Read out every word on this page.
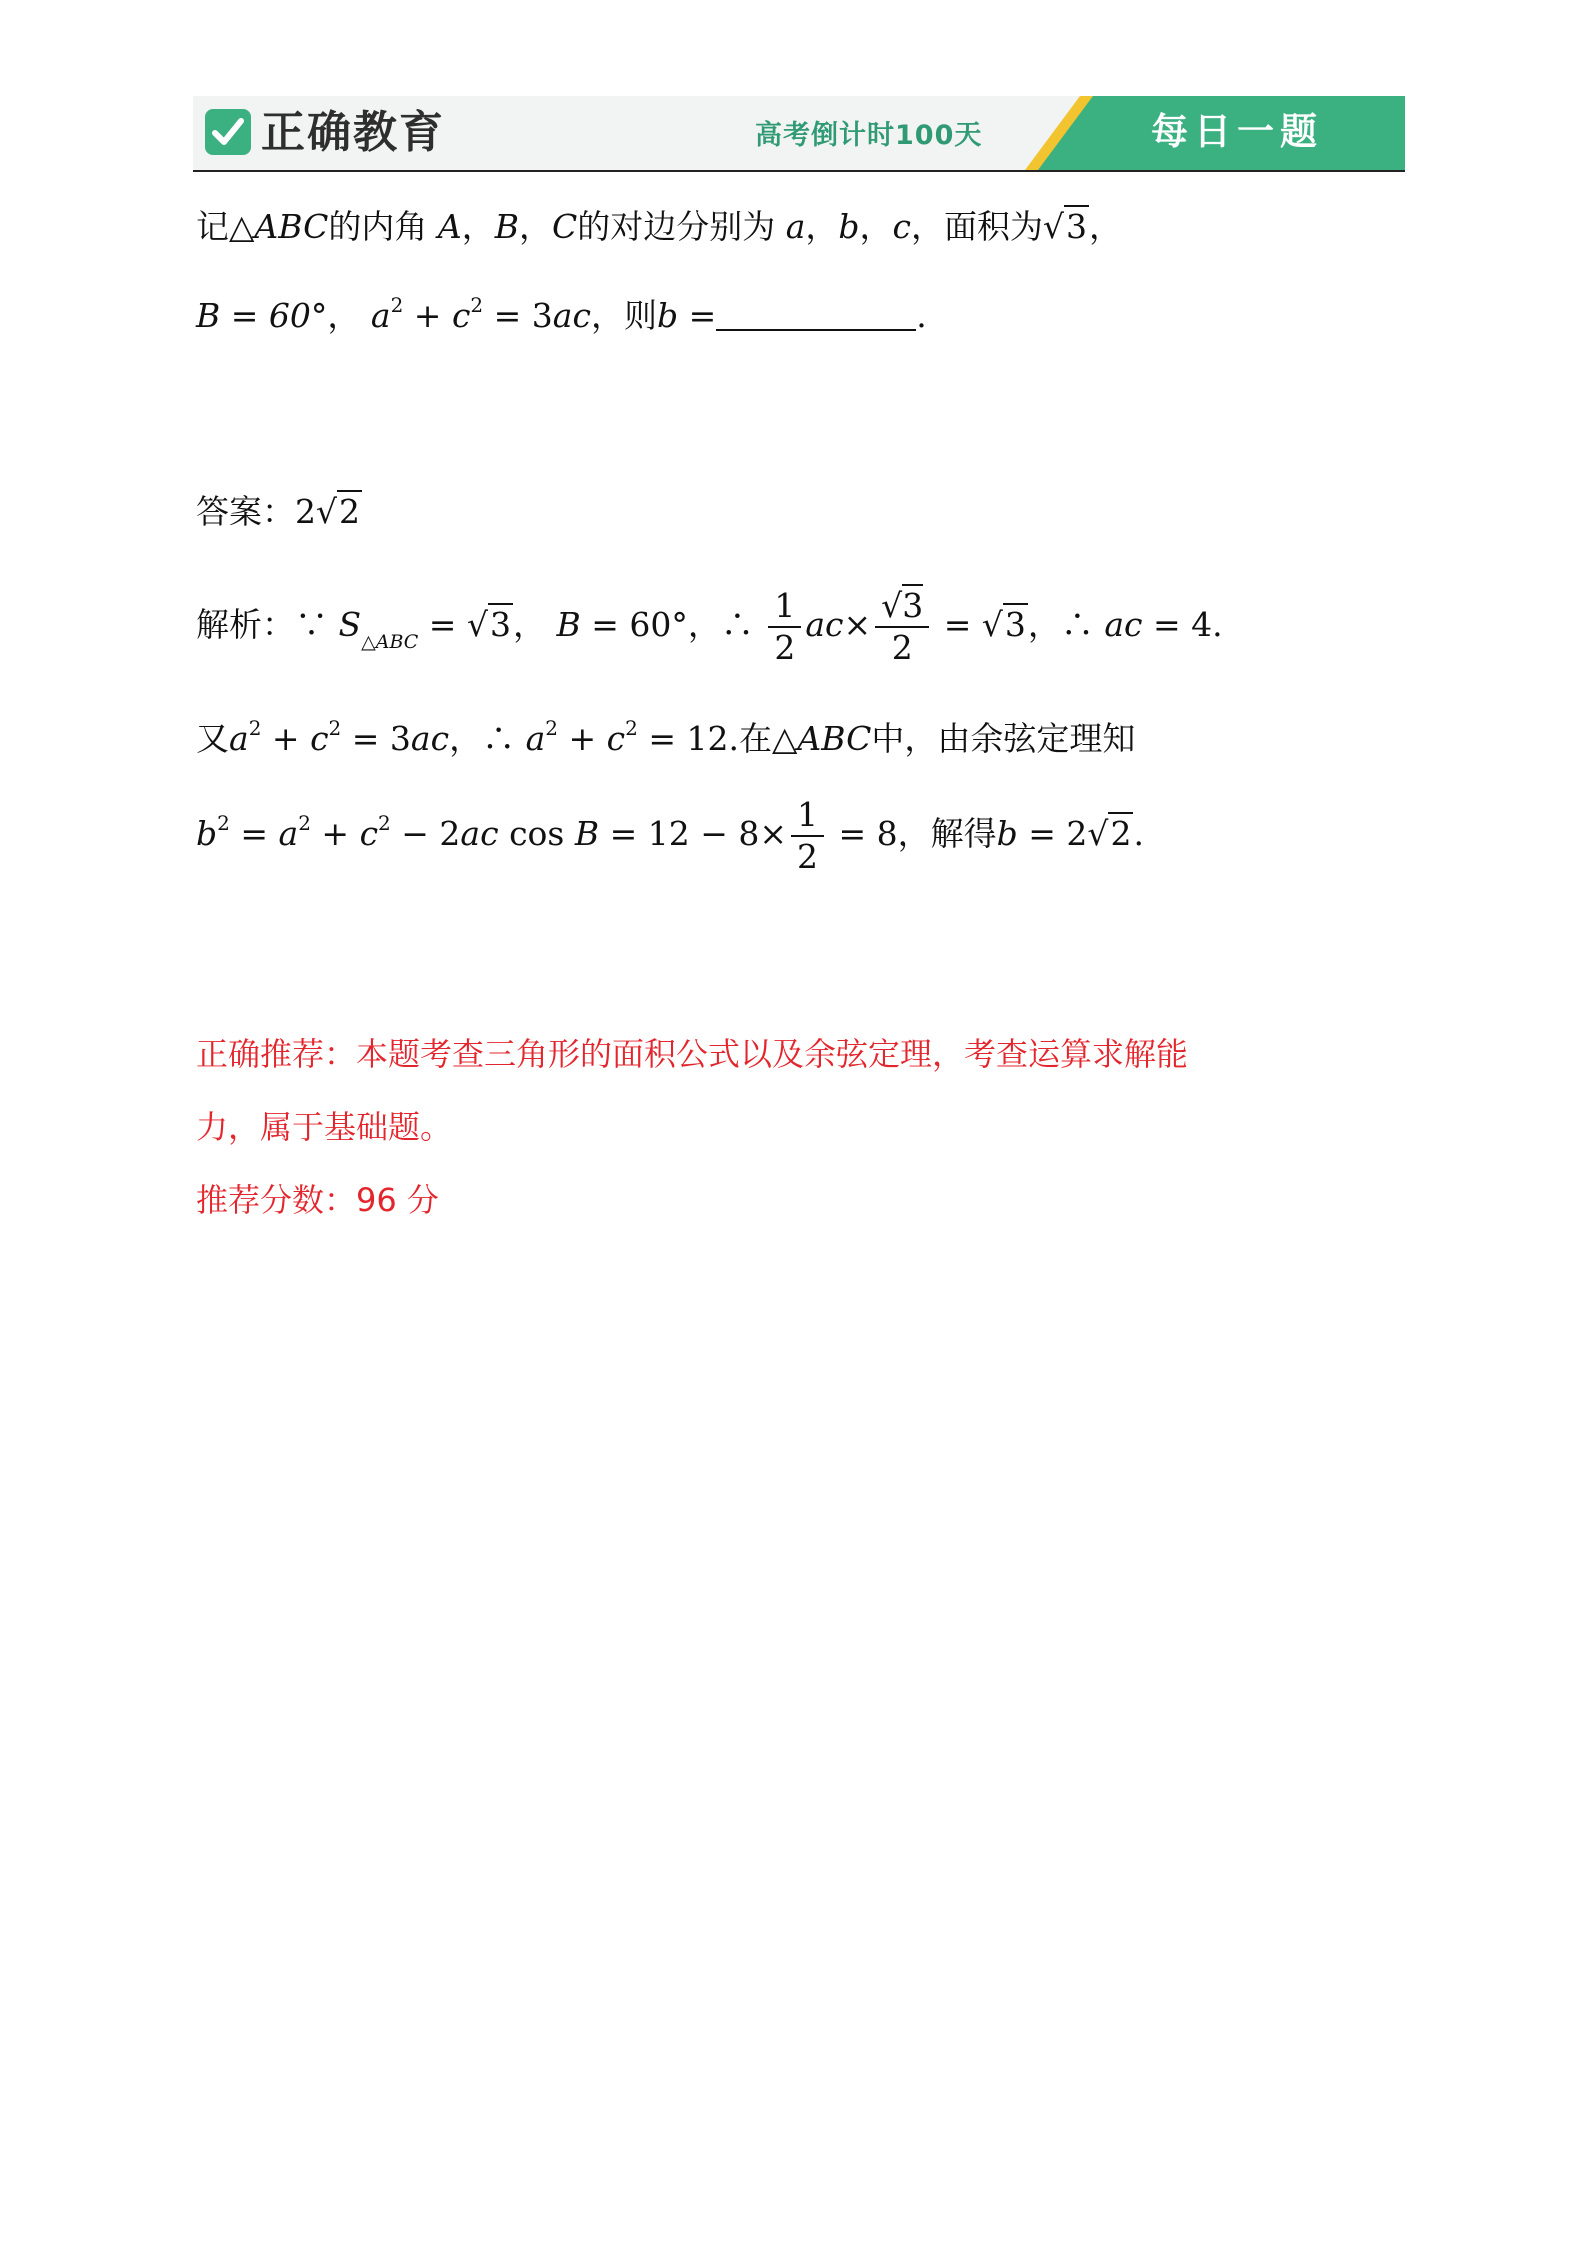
正确教育	高考倒计时100天	每日一题
记△ABC的内角 A，B，C的对边分别为 a，b，c，面积为√3，
B = 60°， $a^2 + c^2 = 3ac$，则b =	.
答案：2√2
解析：∵ $S_{\triangle ABC} = √3$， B = 60°，∴ $\frac{1}{2} ac\times \frac{√3}{2} = √3$，∴ ac = 4.
又$a^2 + c^2 = 3ac$，∴ $a^2 + c^2 = 12$.在△ABC中，由余弦定理知
$b^2 = a^2 + c^2 - 2ac$ $\cos B = 12 - 8\times \frac{1}{2} = 8$，解得b = 2√2.
正确推荐：本题考查三角形的面积公式以及余弦定理，考查运算求解能
力，属于基础题。
推荐分数：96 分
